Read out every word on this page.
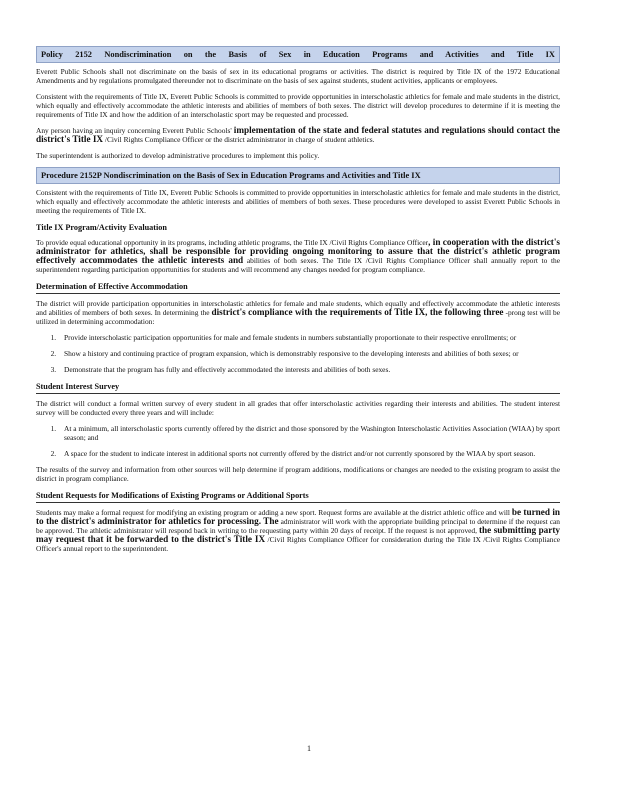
Policy 2152 Nondiscrimination on the Basis of Sex in Education Programs and Activities and Title IX

Everett Public Schools shall not discriminate on the basis of sex in its educational programs or activities. The district is required by Title IX of the 1972 Educational Amendments and by regulations promulgated thereunder not to discriminate on the basis of sex against students, student activities, applicants or employees.

Consistent with the requirements of Title IX, Everett Public Schools is committed to provide opportunities in interscholastic athletics for female and male students in the district, which equally and effectively accommodate the athletic interests and abilities of members of both sexes. The district will develop procedures to determine if it is meeting the requirements of Title IX and how the addition of an interscholastic sport may be requested and processed.

Any person having an inquiry concerning Everett Public Schools' implementation of the state and federal statutes and regulations should contact the district's Title IX /Civil Rights Compliance Officer or the district administrator in charge of student athletics.

The superintendent is authorized to develop administrative procedures to implement this policy.

Procedure 2152P Nondiscrimination on the Basis of Sex in Education Programs and Activities and Title IX

Consistent with the requirements of Title IX, Everett Public Schools is committed to provide opportunities in interscholastic athletics for female and male students in the district, which equally and effectively accommodate the athletic interests and abilities of members of both sexes. These procedures were developed to assist Everett Public Schools in meeting the requirements of Title IX.

Title IX Program/Activity Evaluation

To provide equal educational opportunity in its programs, including athletic programs, the Title IX /Civil Rights Compliance Officer, in cooperation with the district's administrator for athletics, shall be responsible for providing ongoing monitoring to assure that the district's athletic program effectively accommodates the athletic interests and abilities of both sexes. The Title IX /Civil Rights Compliance Officer shall annually report to the superintendent regarding participation opportunities for students and will recommend any changes needed for program compliance.

Determination of Effective Accommodation

The district will provide participation opportunities in interscholastic athletics for female and male students, which equally and effectively accommodate the athletic interests and abilities of members of both sexes. In determining the district's compliance with the requirements of Title IX, the following three -prong test will be utilized in determining accommodation:

1. Provide interscholastic participation opportunities for male and female students in numbers substantially proportionate to their respective enrollments; or
2. Show a history and continuing practice of program expansion, which is demonstrably responsive to the developing interests and abilities of both sexes; or
3. Demonstrate that the program has fully and effectively accommodated the interests and abilities of both sexes.
Student Interest Survey

The district will conduct a formal written survey of every student in all grades that offer interscholastic activities regarding their interests and abilities. The student interest survey will be conducted every three years and will include:

1. At a minimum, all interscholastic sports currently offered by the district and those sponsored by the Washington Interscholastic Activities Association (WIAA) by sport season; and
2. A space for the student to indicate interest in additional sports not currently offered by the district and/or not currently sponsored by the WIAA by sport season.

The results of the survey and information from other sources will help determine if program additions, modifications or changes are needed to the existing program to assist the district in program compliance.

Student Requests for Modifications of Existing Programs or Additional Sports

Students may make a formal request for modifying an existing program or adding a new sport. Request forms are available at the district athletic office and will be turned in to the district's administrator for athletics for processing. The administrator will work with the appropriate building principal to determine if the request can be approved. The athletic administrator will respond back in writing to the requesting party within 20 days of receipt. If the request is not approved, the submitting party may request that it be forwarded to the district's Title IX /Civil Rights Compliance Officer for consideration during the Title IX /Civil Rights Compliance Officer's annual report to the superintendent.

1
